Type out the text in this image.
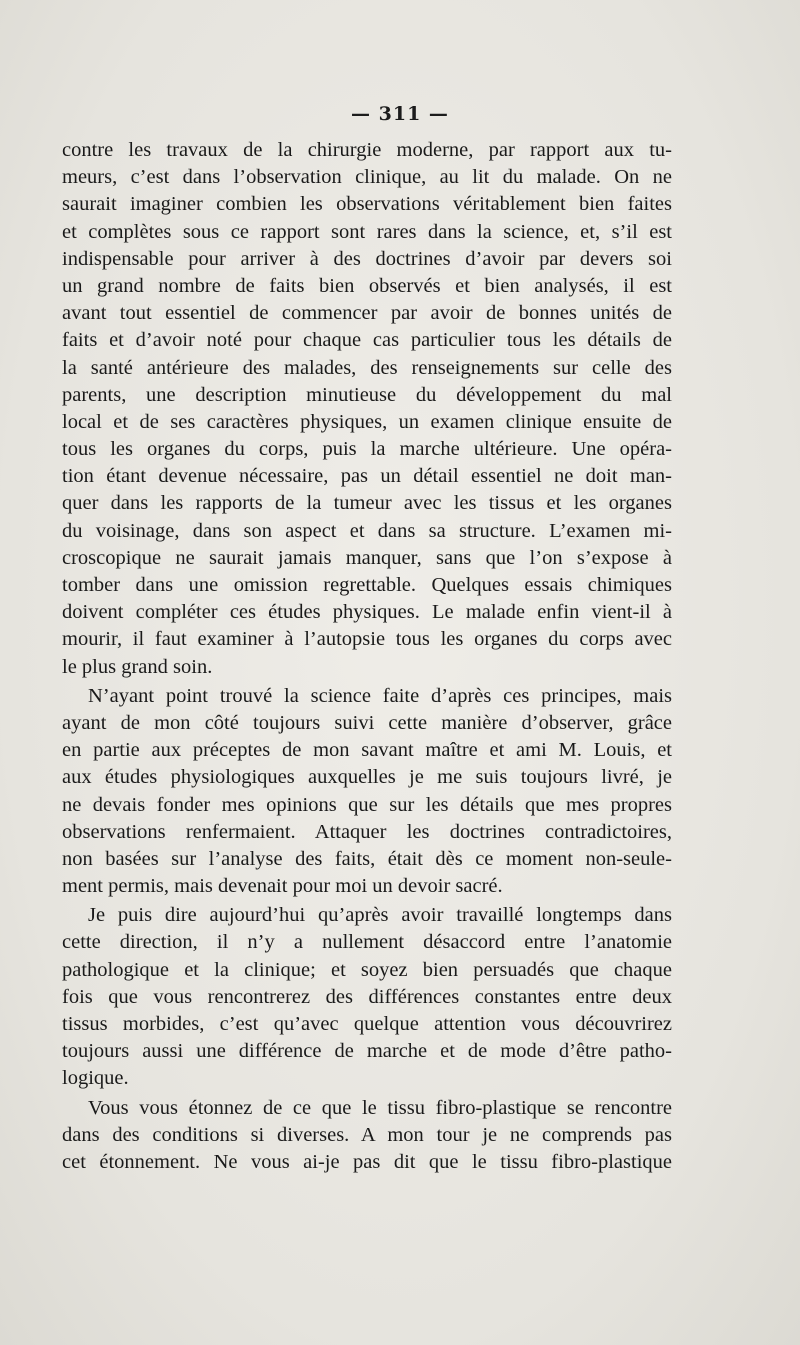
— 311 —
contre les travaux de la chirurgie moderne, par rapport aux tu-
meurs, c’est dans l’observation clinique, au lit du malade. On ne
saurait imaginer combien les observations véritablement bien faites
et complètes sous ce rapport sont rares dans la science, et, s’il est
indispensable pour arriver à des doctrines d’avoir par devers soi
un grand nombre de faits bien observés et bien analysés, il est
avant tout essentiel de commencer par avoir de bonnes unités de
faits et d’avoir noté pour chaque cas particulier tous les détails de
la santé antérieure des malades, des renseignements sur celle des
parents, une description minutieuse du développement du mal
local et de ses caractères physiques, un examen clinique ensuite de
tous les organes du corps, puis la marche ultérieure. Une opéra-
tion étant devenue nécessaire, pas un détail essentiel ne doit man-
quer dans les rapports de la tumeur avec les tissus et les organes
du voisinage, dans son aspect et dans sa structure. L’examen mi-
croscopique ne saurait jamais manquer, sans que l’on s’expose à
tomber dans une omission regrettable. Quelques essais chimiques
doivent compléter ces études physiques. Le malade enfin vient-il à
mourir, il faut examiner à l’autopsie tous les organes du corps avec
le plus grand soin.
N’ayant point trouvé la science faite d’après ces principes, mais
ayant de mon côté toujours suivi cette manière d’observer, grâce
en partie aux préceptes de mon savant maître et ami M. Louis, et
aux études physiologiques auxquelles je me suis toujours livré, je
ne devais fonder mes opinions que sur les détails que mes propres
observations renfermaient. Attaquer les doctrines contradictoires,
non basées sur l’analyse des faits, était dès ce moment non-seule-
ment permis, mais devenait pour moi un devoir sacré.
Je puis dire aujourd’hui qu’après avoir travaillé longtemps dans
cette direction, il n’y a nullement désaccord entre l’anatomie
pathologique et la clinique; et soyez bien persuadés que chaque
fois que vous rencontrerez des différences constantes entre deux
tissus morbides, c’est qu’avec quelque attention vous découvrirez
toujours aussi une différence de marche et de mode d’être patho-
logique.
Vous vous étonnez de ce que le tissu fibro-plastique se rencontre
dans des conditions si diverses. A mon tour je ne comprends pas
cet étonnement. Ne vous ai-je pas dit que le tissu fibro-plastique
